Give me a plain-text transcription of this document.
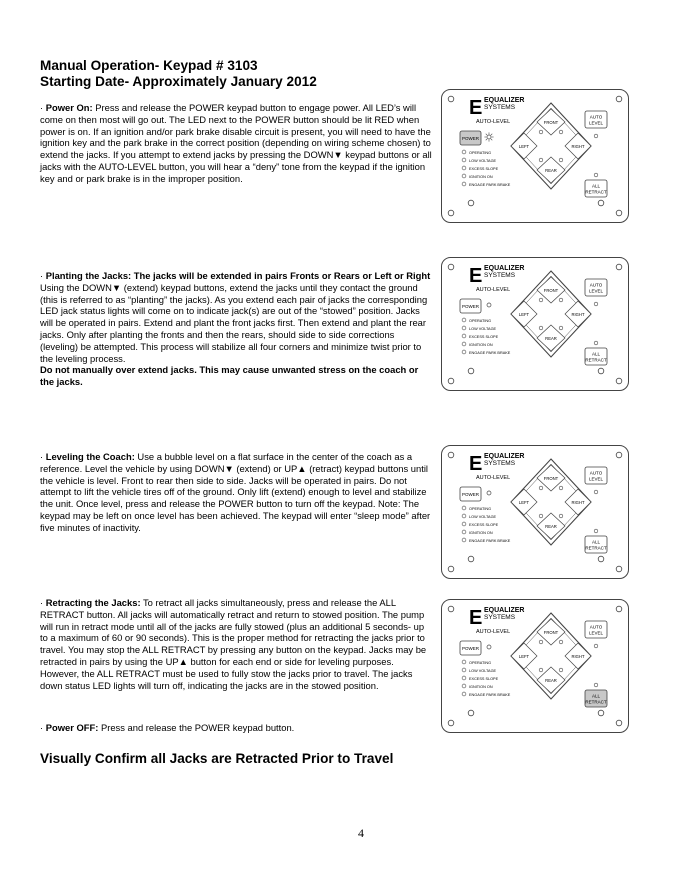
Manual Operation- Keypad # 3103
Starting Date- Approximately January 2012

· Power On: Press and release the POWER keypad button to engage power. All LED’s will come on then most will go out. The LED next to the POWER button should be lit RED when power is on. If an ignition and/or park brake disable circuit is present, you will need to have the ignition key and the park brake in the correct position (depending on wiring scheme chosen) to extend the jacks. If you attempt to extend jacks by pressing the DOWN▼ keypad buttons or all jacks with the AUTO-LEVEL button, you will hear a “deny” tone from the keypad if the ignition key and or park brake is in the improper position.

· Planting the Jacks: The jacks will be extended in pairs Fronts or Rears or Left or Right Using the DOWN▼ (extend) keypad buttons, extend the jacks until they contact the ground (this is referred to as “planting” the jacks). As you extend each pair of jacks the corresponding LED jack status lights will come on to indicate jack(s) are out of the “stowed” position. Jacks will be operated in pairs. Extend and plant the front jacks first. Then extend and plant the rear jacks. Only after planting the fronts and then the rears, should side to side corrections (leveling) be attempted. This process will stabilize all four corners and minimize twist prior to the leveling process.
Do not manually over extend jacks. This may cause unwanted stress on the coach or the jacks.

· Leveling the Coach: Use a bubble level on a flat surface in the center of the coach as a reference. Level the vehicle by using DOWN▼ (extend) or UP▲ (retract) keypad buttons until the vehicle is level. Front to rear then side to side. Jacks will be operated in pairs. Do not attempt to lift the vehicle tires off of the ground. Only lift (extend) enough to level and stabilize the unit. Once level, press and release the POWER button to turn off the keypad. Note: The keypad may be left on once level has been achieved. The keypad will enter “sleep mode” after five minutes of inactivity.

· Retracting the Jacks: To retract all jacks simultaneously, press and release the ALL RETRACT button. All jacks will automatically retract and return to stowed position. The pump will run in retract mode until all of the jacks are fully stowed (plus an additional 5 seconds- up to a maximum of 60 or 90 seconds). This is the proper method for retracting the jacks prior to travel. You may stop the ALL RETRACT by pressing any button on the keypad. Jacks may be retracted in pairs by using the UP▲ button for each end or side for leveling purposes. However, the ALL RETRACT must be used to fully stow the jacks prior to travel. The jacks down status LED lights will turn off, indicating the jacks are in the stowed position.

· Power OFF: Press and release the POWER keypad button.

Visually Confirm all Jacks are Retracted Prior to Travel
4
E EQUALIZER
SYSTEMS
AUTO-LEVEL
POWER
OPERATING
LOW VOLTAGE
EXCESS SLOPE
IGNITION ON
ENGAGE PARK BRAKE
FRONT
REAR
LEFT	RIGHT
AUTO
LEVEL
ALL
RETRACT
E EQUALIZER
SYSTEMS
AUTO-LEVEL
POWER
OPERATING
LOW VOLTAGE
EXCESS SLOPE
IGNITION ON
ENGAGE PARK BRAKE
FRONT
REAR
LEFT	RIGHT
AUTO
LEVEL
ALL
RETRACT
E EQUALIZER
SYSTEMS
AUTO-LEVEL
POWER
OPERATING
LOW VOLTAGE
EXCESS SLOPE
IGNITION ON
ENGAGE PARK BRAKE
FRONT
REAR
LEFT	RIGHT
AUTO
LEVEL
ALL
RETRACT
E EQUALIZER
SYSTEMS
AUTO-LEVEL
POWER
OPERATING
LOW VOLTAGE
EXCESS SLOPE
IGNITION ON
ENGAGE PARK BRAKE
FRONT
REAR
LEFT	RIGHT
AUTO
LEVEL
ALL
RETRACT
